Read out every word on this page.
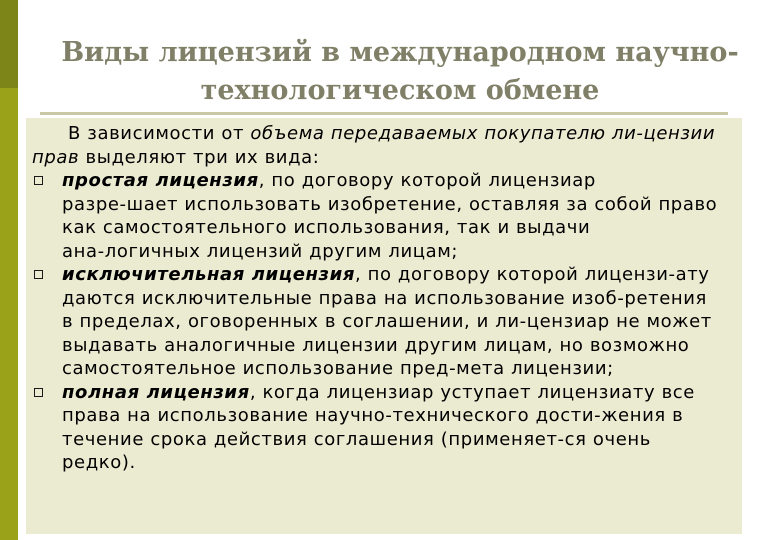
Виды лицензий в международном научно-
технологическом обмене
В зависимости от объема передаваемых покупателю ли-цензии
прав выделяют три их вида:
простая лицензия, по договору которой лицензиар
разре-шает использовать изобретение, оставляя за собой право
как самостоятельного использования, так и выдачи
ана-логичных лицензий другим лицам;
исключительная лицензия, по договору которой лицензи-ату
даются исключительные права на использование изоб-ретения
в пределах, оговоренных в соглашении, и ли-цензиар не может
выдавать аналогичные лицензии другим лицам, но возможно
самостоятельное использование пред-мета лицензии;
полная лицензия, когда лицензиар уступает лицензиату все
права на использование научно-технического дости-жения в
течение срока действия соглашения (применяет-ся очень
редко).
